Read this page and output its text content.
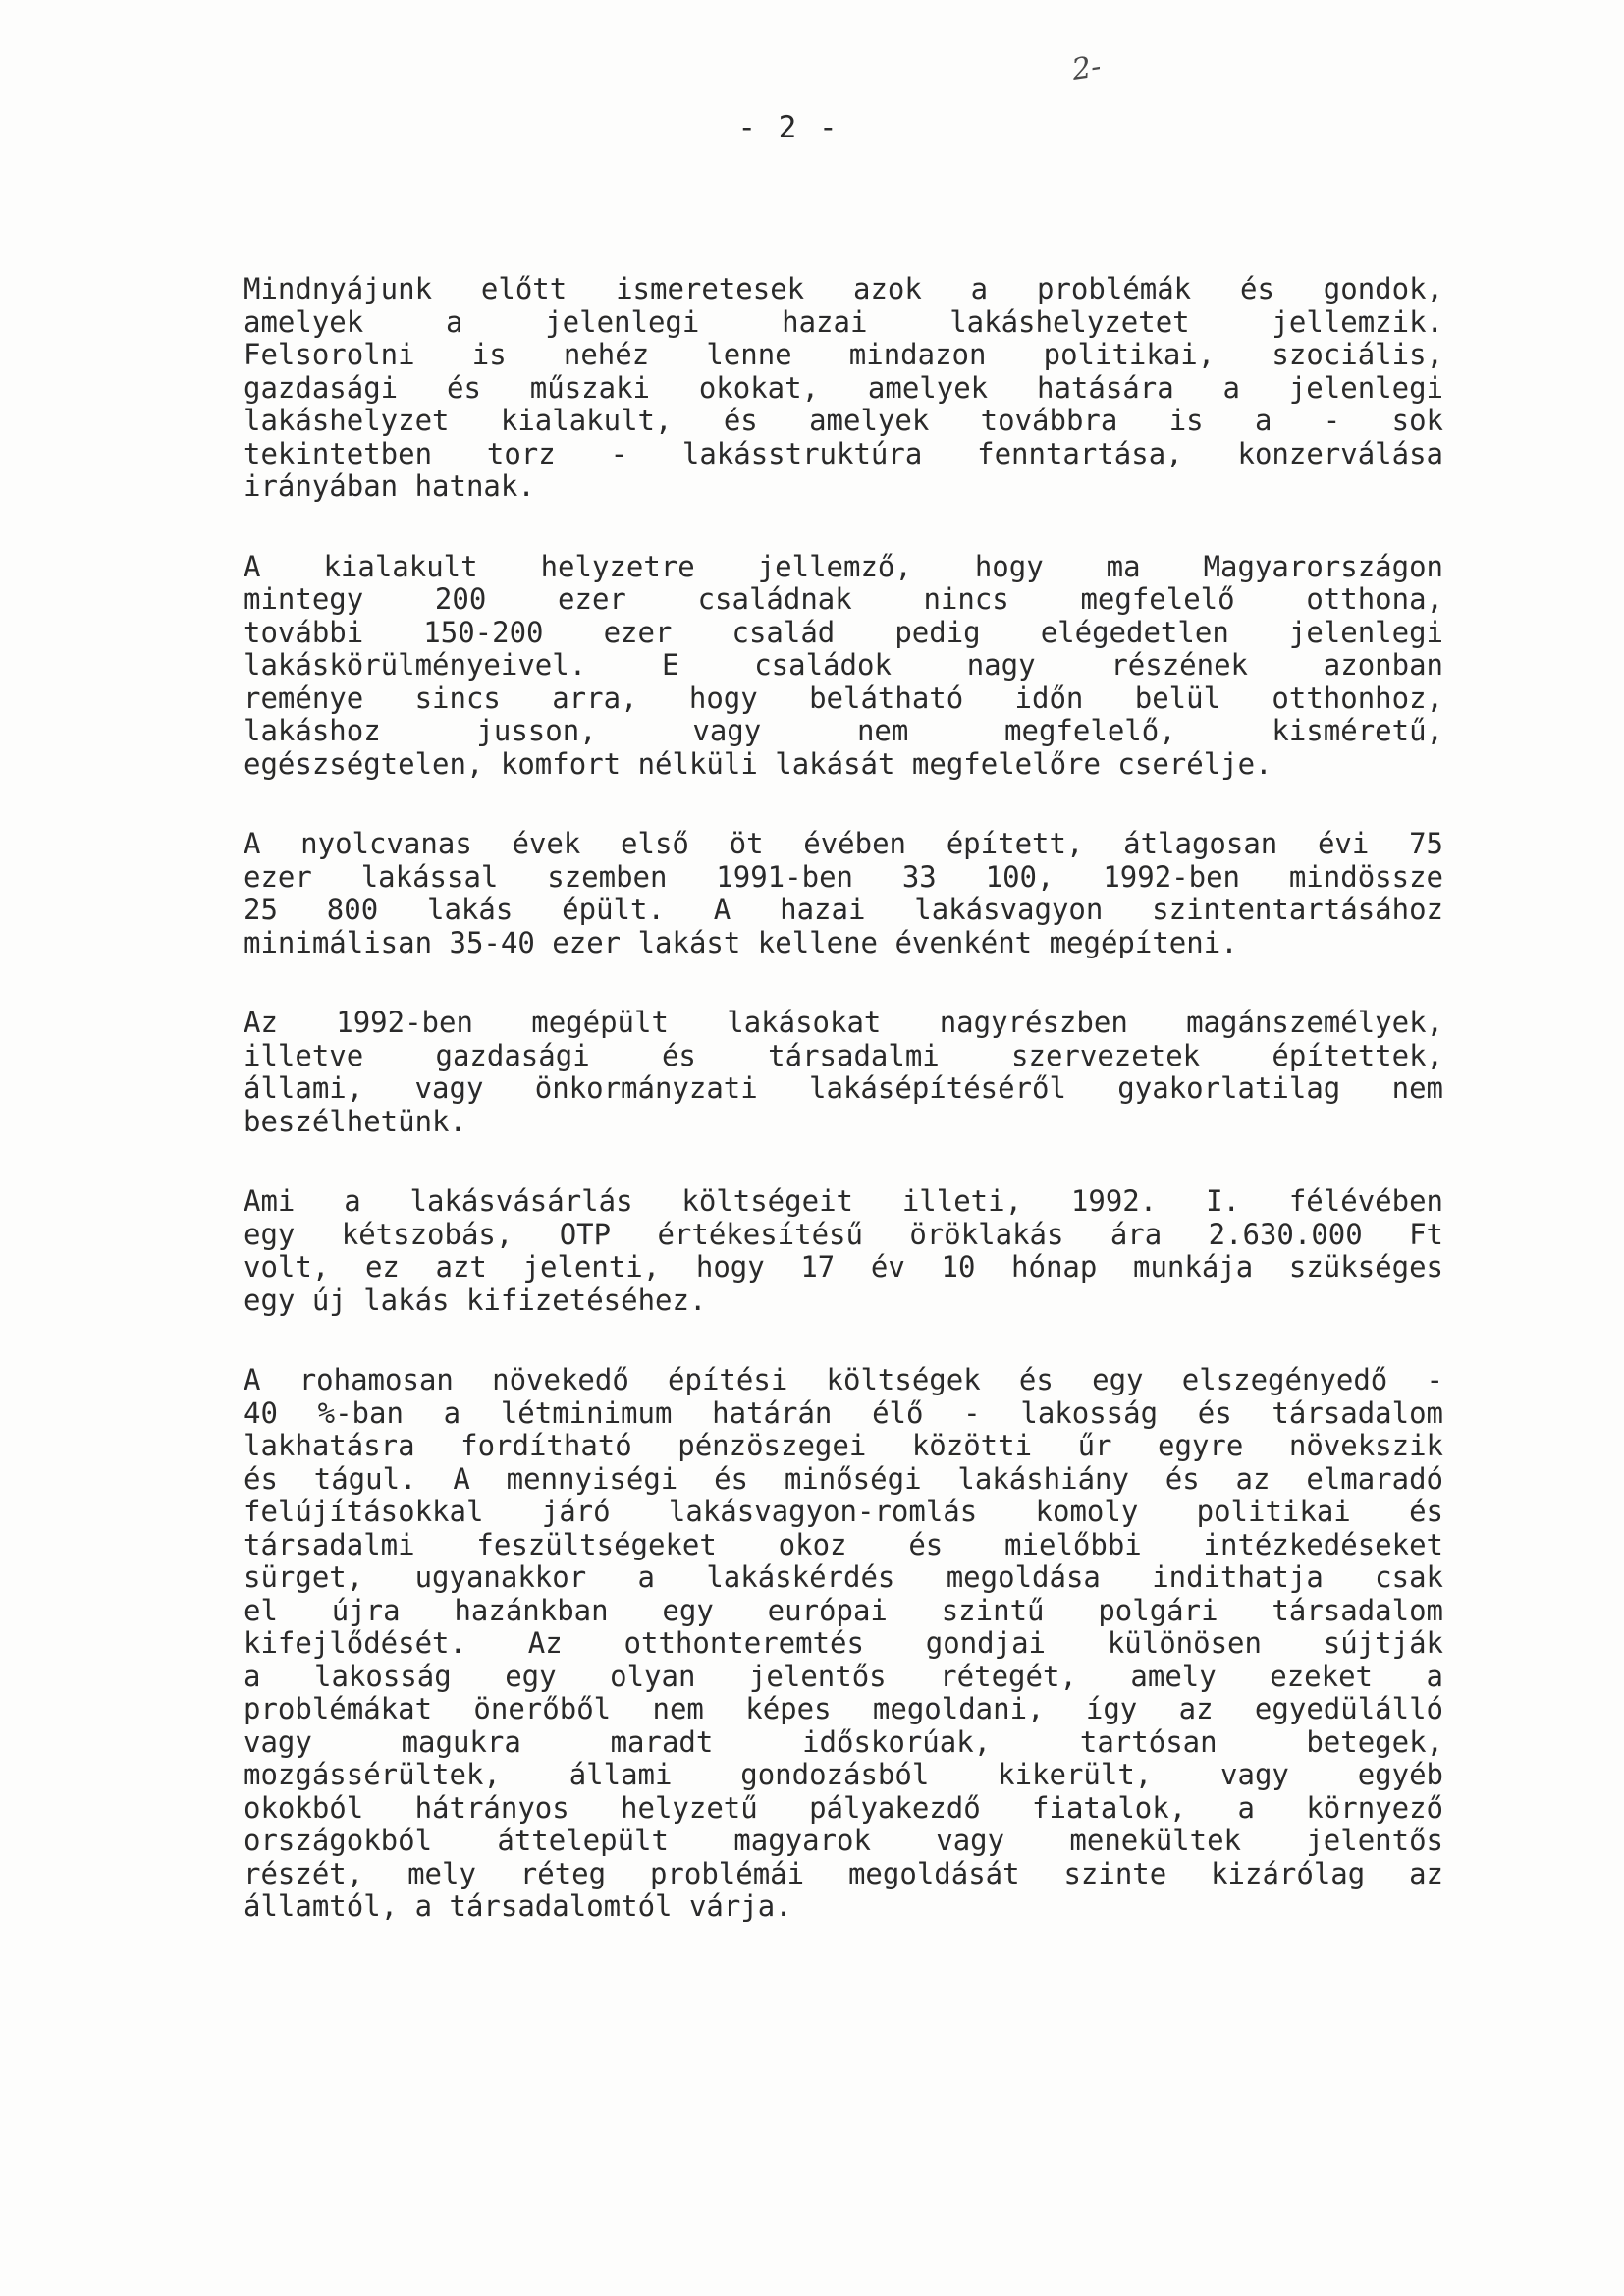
2-
- 2 -

Mindnyájunk előtt ismeretesek azok a problémák és gondok,
amelyek a jelenlegi hazai lakáshelyzetet jellemzik.
Felsorolni is nehéz lenne mindazon politikai, szociális,
gazdasági és műszaki okokat, amelyek hatására a jelenlegi
lakáshelyzet kialakult, és amelyek továbbra is a - sok
tekintetben torz - lakásstruktúra fenntartása, konzerválása
irányában hatnak.

A kialakult helyzetre jellemző, hogy ma Magyarországon
mintegy 200 ezer családnak nincs megfelelő otthona,
további 150-200 ezer család pedig elégedetlen jelenlegi
lakáskörülményeivel. E családok nagy részének azonban
reménye sincs arra, hogy belátható időn belül otthonhoz,
lakáshoz jusson, vagy nem megfelelő, kisméretű,
egészségtelen, komfort nélküli lakását megfelelőre cserélje.

A nyolcvanas évek első öt évében épített, átlagosan évi 75
ezer lakással szemben 1991-ben 33 100, 1992-ben mindössze
25 800 lakás épült. A hazai lakásvagyon szintentartásához
minimálisan 35-40 ezer lakást kellene évenként megépíteni.

Az 1992-ben megépült lakásokat nagyrészben magánszemélyek,
illetve gazdasági és társadalmi szervezetek építettek,
állami, vagy önkormányzati lakásépítéséről gyakorlatilag nem
beszélhetünk.

Ami a lakásvásárlás költségeit illeti, 1992. I. félévében
egy kétszobás, OTP értékesítésű öröklakás ára 2.630.000 Ft
volt, ez azt jelenti, hogy 17 év 10 hónap munkája szükséges
egy új lakás kifizetéséhez.

A rohamosan növekedő építési költségek és egy elszegényedő -
40 %-ban a létminimum határán élő - lakosság és társadalom
lakhatásra fordítható pénzöszegei közötti űr egyre növekszik
és tágul. A mennyiségi és minőségi lakáshiány és az elmaradó
felújításokkal járó lakásvagyon-romlás komoly politikai és
társadalmi feszültségeket okoz és mielőbbi intézkedéseket
sürget, ugyanakkor a lakáskérdés megoldása indithatja csak
el újra hazánkban egy európai szintű polgári társadalom
kifejlődését. Az otthonteremtés gondjai különösen sújtják
a lakosság egy olyan jelentős rétegét, amely ezeket a
problémákat önerőből nem képes megoldani, így az egyedülálló
vagy magukra maradt időskorúak, tartósan betegek,
mozgássérültek, állami gondozásból kikerült, vagy egyéb
okokból hátrányos helyzetű pályakezdő fiatalok, a környező
országokból áttelepült magyarok vagy menekültek jelentős
részét, mely réteg problémái megoldását szinte kizárólag az
államtól, a társadalomtól várja.
